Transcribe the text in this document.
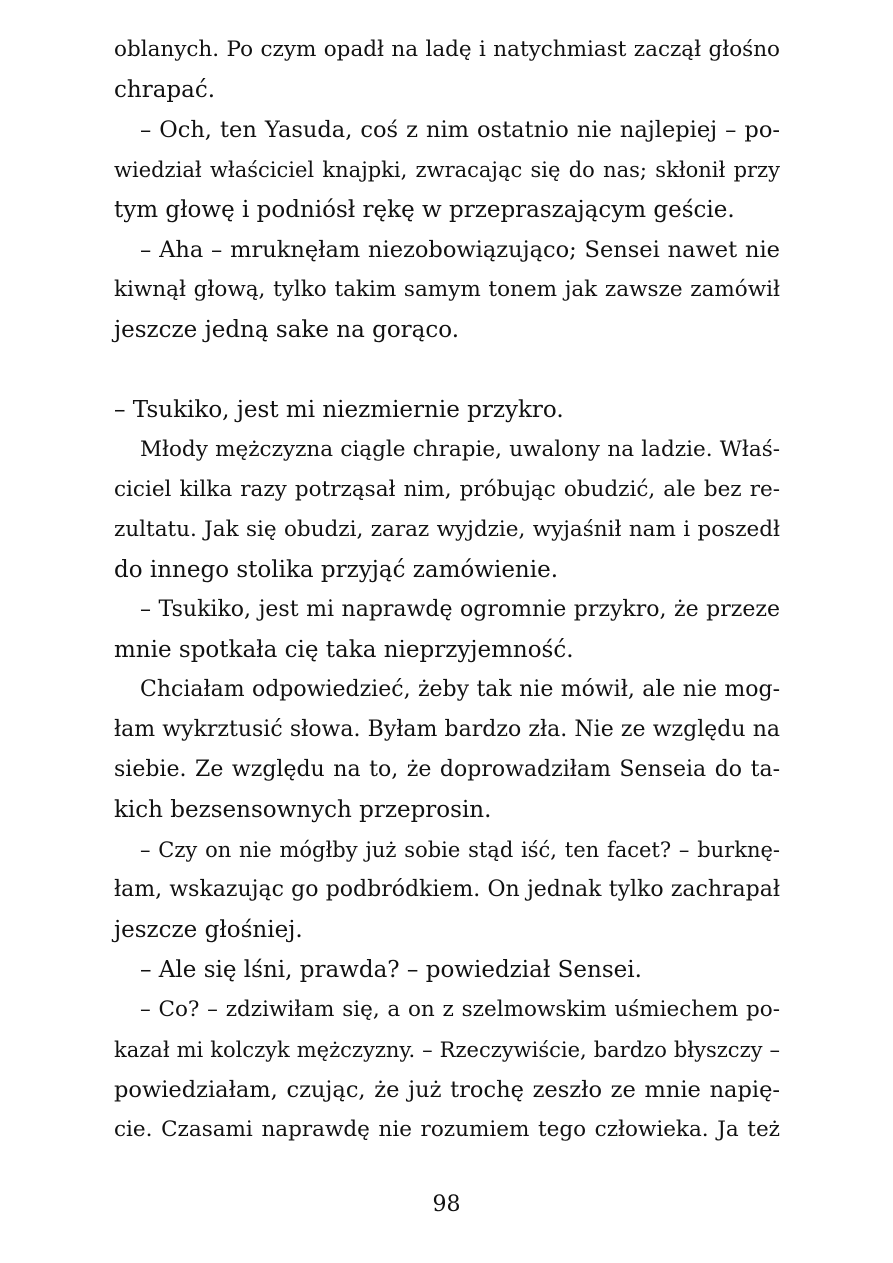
oblanych. Po czym opadł na ladę i natychmiast zaczął głośno
chrapać.
– Och, ten Yasuda, coś z nim ostatnio nie najlepiej – po-
wiedział właściciel knajpki, zwracając się do nas; skłonił przy
tym głowę i podniósł rękę w przepraszającym geście.
– Aha – mruknęłam niezobowiązująco; Sensei nawet nie
kiwnął głową, tylko takim samym tonem jak zawsze zamówił
jeszcze jedną sake na gorąco.
– Tsukiko, jest mi niezmiernie przykro.
Młody mężczyzna ciągle chrapie, uwalony na ladzie. Właś-
ciciel kilka razy potrząsał nim, próbując obudzić, ale bez re-
zultatu. Jak się obudzi, zaraz wyjdzie, wyjaśnił nam i poszedł
do innego stolika przyjąć zamówienie.
– Tsukiko, jest mi naprawdę ogromnie przykro, że przeze
mnie spotkała cię taka nieprzyjemność.
Chciałam odpowiedzieć, żeby tak nie mówił, ale nie mog-
łam wykrztusić słowa. Byłam bardzo zła. Nie ze względu na
siebie. Ze względu na to, że doprowadziłam Senseia do ta-
kich bezsensownych przeprosin.
– Czy on nie mógłby już sobie stąd iść, ten facet? – burknę-
łam, wskazując go podbródkiem. On jednak tylko zachrapał
jeszcze głośniej.
– Ale się lśni, prawda? – powiedział Sensei.
– Co? – zdziwiłam się, a on z szelmowskim uśmiechem po-
kazał mi kolczyk mężczyzny. – Rzeczywiście, bardzo błyszczy –
powiedziałam, czując, że już trochę zeszło ze mnie napię-
cie. Czasami naprawdę nie rozumiem tego człowieka. Ja też
98
